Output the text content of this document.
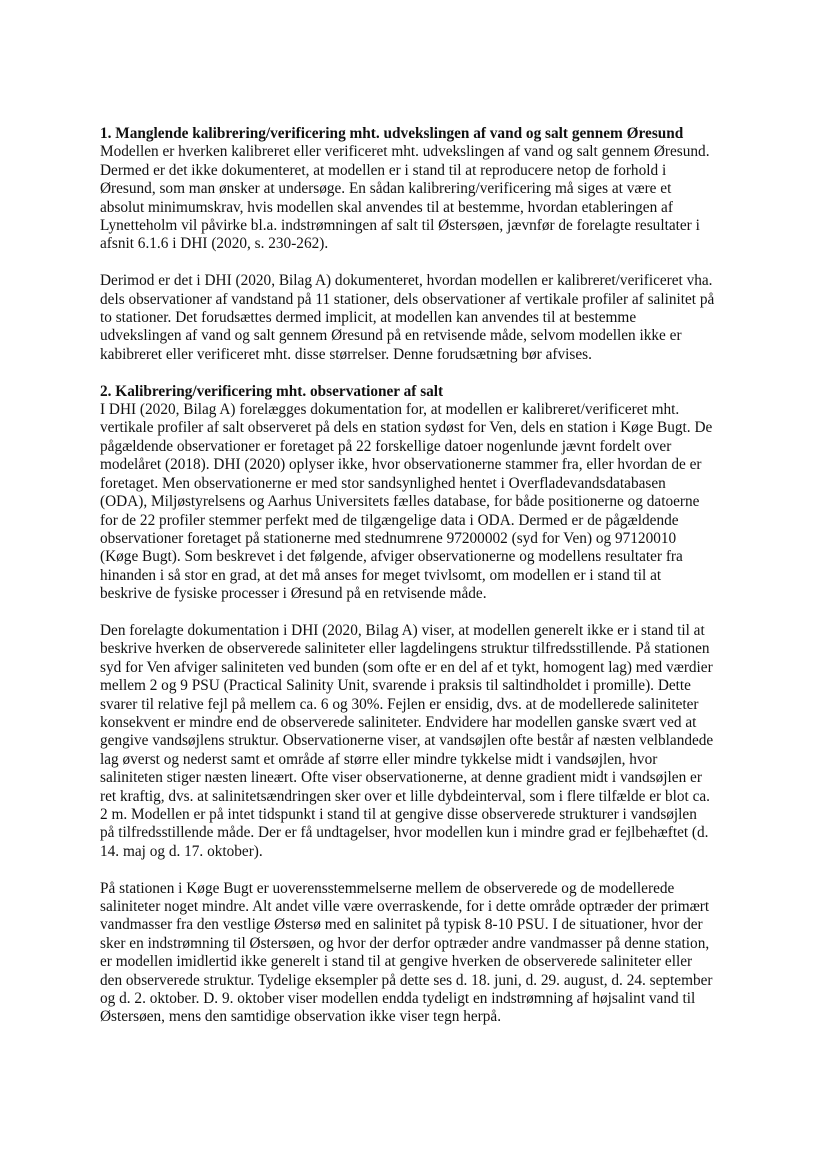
1. Manglende kalibrering/verificering mht. udvekslingen af vand og salt gennem Øresund
Modellen er hverken kalibreret eller verificeret mht. udvekslingen af vand og salt gennem Øresund.
Dermed er det ikke dokumenteret, at modellen er i stand til at reproducere netop de forhold i
Øresund, som man ønsker at undersøge. En sådan kalibrering/verificering må siges at være et
absolut minimumskrav, hvis modellen skal anvendes til at bestemme, hvordan etableringen af
Lynetteholm vil påvirke bl.a. indstrømningen af salt til Østersøen, jævnfør de forelagte resultater i
afsnit 6.1.6 i DHI (2020, s. 230-262).
Derimod er det i DHI (2020, Bilag A) dokumenteret, hvordan modellen er kalibreret/verificeret vha.
dels observationer af vandstand på 11 stationer, dels observationer af vertikale profiler af salinitet på
to stationer. Det forudsættes dermed implicit, at modellen kan anvendes til at bestemme
udvekslingen af vand og salt gennem Øresund på en retvisende måde, selvom modellen ikke er
kabibreret eller verificeret mht. disse størrelser. Denne forudsætning bør afvises.
2. Kalibrering/verificering mht. observationer af salt
I DHI (2020, Bilag A) forelægges dokumentation for, at modellen er kalibreret/verificeret mht.
vertikale profiler af salt observeret på dels en station sydøst for Ven, dels en station i Køge Bugt. De
pågældende observationer er foretaget på 22 forskellige datoer nogenlunde jævnt fordelt over
modelåret (2018). DHI (2020) oplyser ikke, hvor observationerne stammer fra, eller hvordan de er
foretaget. Men observationerne er med stor sandsynlighed hentet i Overfladevandsdatabasen
(ODA), Miljøstyrelsens og Aarhus Universitets fælles database, for både positionerne og datoerne
for de 22 profiler stemmer perfekt med de tilgængelige data i ODA. Dermed er de pågældende
observationer foretaget på stationerne med stednumrene 97200002 (syd for Ven) og 97120010
(Køge Bugt). Som beskrevet i det følgende, afviger observationerne og modellens resultater fra
hinanden i så stor en grad, at det må anses for meget tvivlsomt, om modellen er i stand til at
beskrive de fysiske processer i Øresund på en retvisende måde.
Den forelagte dokumentation i DHI (2020, Bilag A) viser, at modellen generelt ikke er i stand til at
beskrive hverken de observerede saliniteter eller lagdelingens struktur tilfredsstillende. På stationen
syd for Ven afviger saliniteten ved bunden (som ofte er en del af et tykt, homogent lag) med værdier
mellem 2 og 9 PSU (Practical Salinity Unit, svarende i praksis til saltindholdet i promille). Dette
svarer til relative fejl på mellem ca. 6 og 30%. Fejlen er ensidig, dvs. at de modellerede saliniteter
konsekvent er mindre end de observerede saliniteter. Endvidere har modellen ganske svært ved at
gengive vandsøjlens struktur. Observationerne viser, at vandsøjlen ofte består af næsten velblandede
lag øverst og nederst samt et område af større eller mindre tykkelse midt i vandsøjlen, hvor
saliniteten stiger næsten lineært. Ofte viser observationerne, at denne gradient midt i vandsøjlen er
ret kraftig, dvs. at salinitetsændringen sker over et lille dybdeinterval, som i flere tilfælde er blot ca.
2 m. Modellen er på intet tidspunkt i stand til at gengive disse observerede strukturer i vandsøjlen
på tilfredsstillende måde. Der er få undtagelser, hvor modellen kun i mindre grad er fejlbehæftet (d.
14. maj og d. 17. oktober).
På stationen i Køge Bugt er uoverensstemmelserne mellem de observerede og de modellerede
saliniteter noget mindre. Alt andet ville være overraskende, for i dette område optræder der primært
vandmasser fra den vestlige Østersø med en salinitet på typisk 8-10 PSU. I de situationer, hvor der
sker en indstrømning til Østersøen, og hvor der derfor optræder andre vandmasser på denne station,
er modellen imidlertid ikke generelt i stand til at gengive hverken de observerede saliniteter eller
den observerede struktur. Tydelige eksempler på dette ses d. 18. juni, d. 29. august, d. 24. september
og d. 2. oktober. D. 9. oktober viser modellen endda tydeligt en indstrømning af højsalint vand til
Østersøen, mens den samtidige observation ikke viser tegn herpå.
